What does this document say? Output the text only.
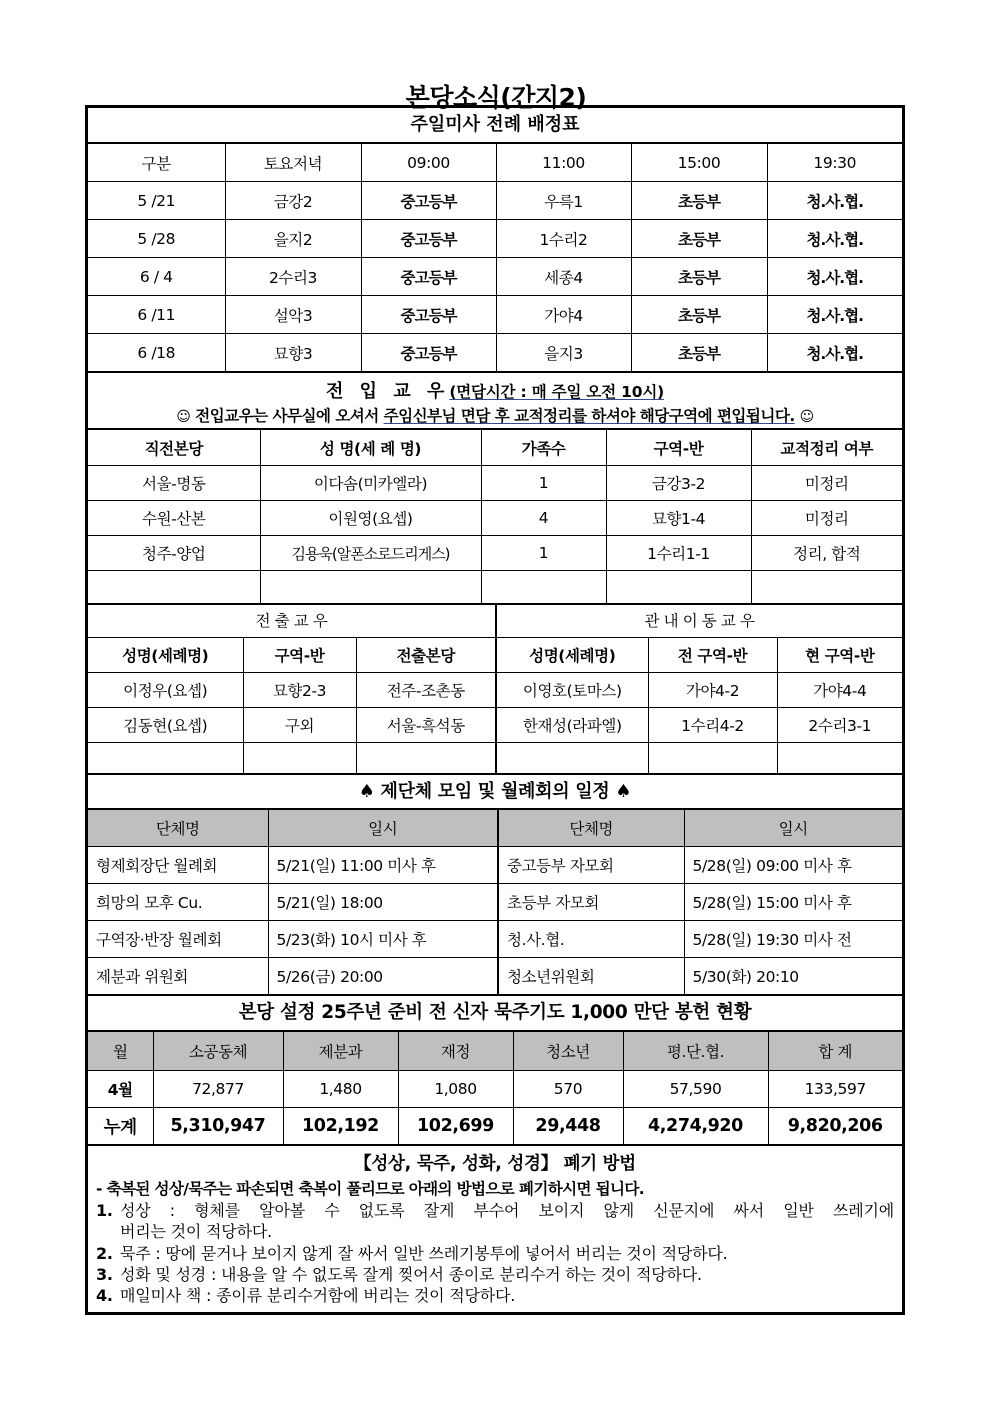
본당소식(간지2)
주일미사 전례 배정표
구분	토요저녁	09:00	11:00	15:00	19:30
5 /21	금강2	중고등부	우륵1	초등부	청.사.협.
5 /28	을지2	중고등부	1수리2	초등부	청.사.협.
6 / 4	2수리3	중고등부	세종4	초등부	청.사.협.
6 /11	설악3	중고등부	가야4	초등부	청.사.협.
6 /18	묘향3	중고등부	을지3	초등부	청.사.협.
전 입 교 우(면담시간 : 매 주일 오전 10시)
☺ 전입교우는 사무실에 오셔서 주임신부님 면담 후 교적정리를 하셔야 해당구역에 편입됩니다. ☺
직전본당	성 명(세 례 명)	가족수	구역-반	교적정리 여부
서울-명동	이다솜(미카엘라)	1	금강3-2	미정리
수원-산본	이원영(요셉)	4	묘향1-4	미정리
청주-양업	김용욱(알폰소로드리게스)	1	1수리1-1	정리, 합적

전 출 교 우			관 내 이 동 교 우		
성명(세례명)	구역-반	전출본당	성명(세례명)	전 구역-반	현 구역-반
이정우(요셉)	묘향2-3	전주-조촌동	이영호(토마스)	가야4-2	가야4-4
김동현(요셉)	구외	서울-흑석동	한재성(라파엘)	1수리4-2	2수리3-1

♠ 제단체 모임 및 월례회의 일정 ♠
단체명	일시	단체명	일시
형제회장단 월례회	5/21(일) 11:00 미사 후	중고등부 자모회	5/28(일) 09:00 미사 후
희망의 모후 Cu.	5/21(일) 18:00	초등부 자모회	5/28(일) 15:00 미사 후
구역장·반장 월례회	5/23(화) 10시 미사 후	청.사.협.	5/28(일) 19:30 미사 전
제분과 위원회	5/26(금) 20:00	청소년위원회	5/30(화) 20:10
본당 설정 25주년 준비 전 신자 묵주기도 1,000 만단 봉헌 현황
월	소공동체	제분과	재정	청소년	평.단.협.	합 계
4월	72,877	1,480	1,080	570	57,590	133,597
누계	5,310,947	102,192	102,699	29,448	4,274,920	9,820,206
【성상, 묵주, 성화, 성경】 폐기 방법
- 축복된 성상/묵주는 파손되면 축복이 풀리므로 아래의 방법으로 폐기하시면 됩니다.
1. 성상 : 형체를 알아볼 수 없도록 잘게 부수어 보이지 않게 신문지에 싸서 일반 쓰레기에
버리는 것이 적당하다.
2. 묵주 : 땅에 묻거나 보이지 않게 잘 싸서 일반 쓰레기봉투에 넣어서 버리는 것이 적당하다.
3. 성화 및 성경 : 내용을 알 수 없도록 잘게 찢어서 종이로 분리수거 하는 것이 적당하다.
4. 매일미사 책 : 종이류 분리수거함에 버리는 것이 적당하다.
